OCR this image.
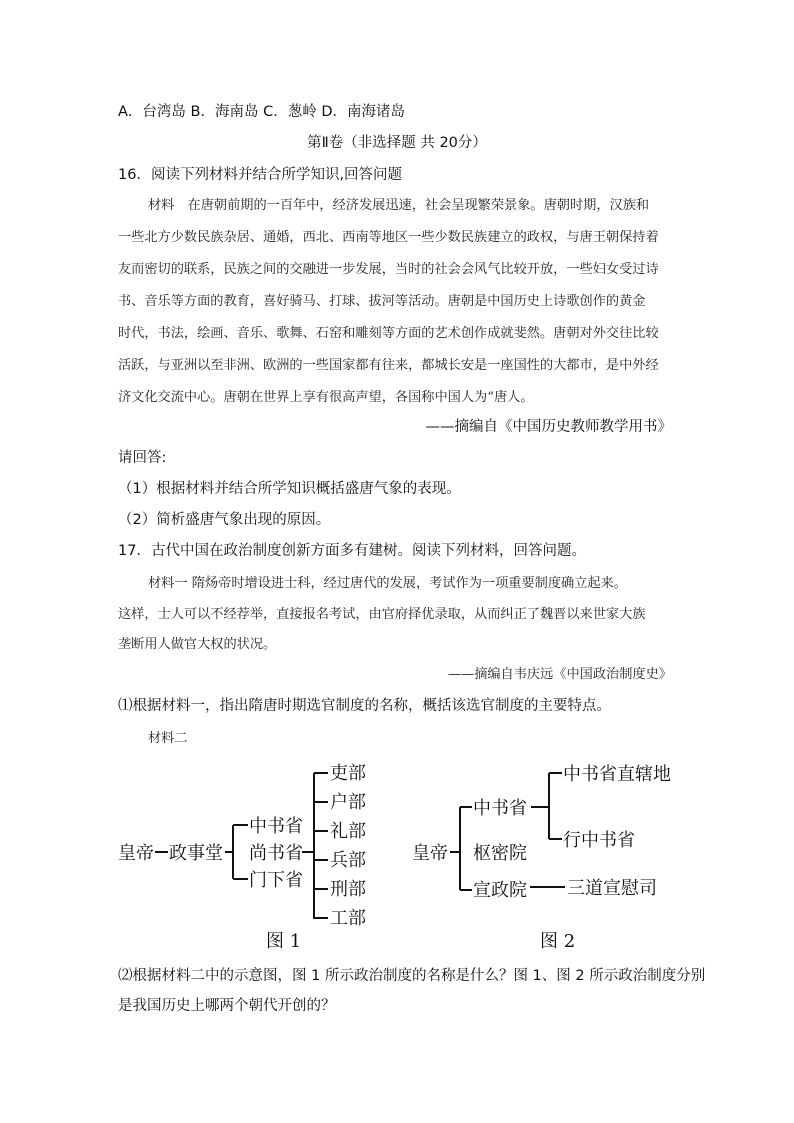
A．台湾岛 B．海南岛 C．葱岭 D．南海诸岛
第Ⅱ卷（非选择题 共 20分）
16．阅读下列材料并结合所学知识,回答问题
材料　在唐朝前期的一百年中，经济发展迅速，社会呈现繁荣景象。唐朝时期，汉族和
一些北方少数民族杂居、通婚，西北、西南等地区一些少数民族建立的政权，与唐王朝保持着
友而密切的联系，民族之间的交融进一步发展，当时的社会会风气比较开放，一些妇女受过诗
书、音乐等方面的教育，喜好骑马、打球、拔河等活动。唐朝是中国历史上诗歌创作的黄金
时代，书法，绘画、音乐、歌舞、石窑和雕刻等方面的艺术创作成就斐然。唐朝对外交往比较
活跃，与亚洲以至非洲、欧洲的一些国家都有往来，都城长安是一座国性的大都市，是中外经
济文化交流中心。唐朝在世界上享有很高声望，各国称中国人为“唐人。
——摘编自《中国历史教师教学用书》
请回答:
（1）根据材料并结合所学知识概括盛唐气象的表现。
（2）简析盛唐气象出现的原因。
17．古代中国在政治制度创新方面多有建树。阅读下列材料，回答问题。
材料一 隋炀帝时增设进士科，经过唐代的发展，考试作为一项重要制度确立起来。
这样，士人可以不经荐举，直接报名考试，由官府择优录取，从而纠正了魏晋以来世家大族
垄断用人做官大权的状况。
——摘编自韦庆远《中国政治制度史》
⑴根据材料一，指出隋唐时期选官制度的名称，概括该选官制度的主要特点。
材料二
皇帝 政事堂
中书省
尚书省
门下省
吏部
户部
礼部
兵部
刑部
工部
图 1
皇帝
中书省
枢密院
宣政院
中书省直辖地
行中书省
三道宣慰司
图 2
⑵根据材料二中的示意图，图 1 所示政治制度的名称是什么？图 1、图 2 所示政治制度分别
是我国历史上哪两个朝代开创的？
